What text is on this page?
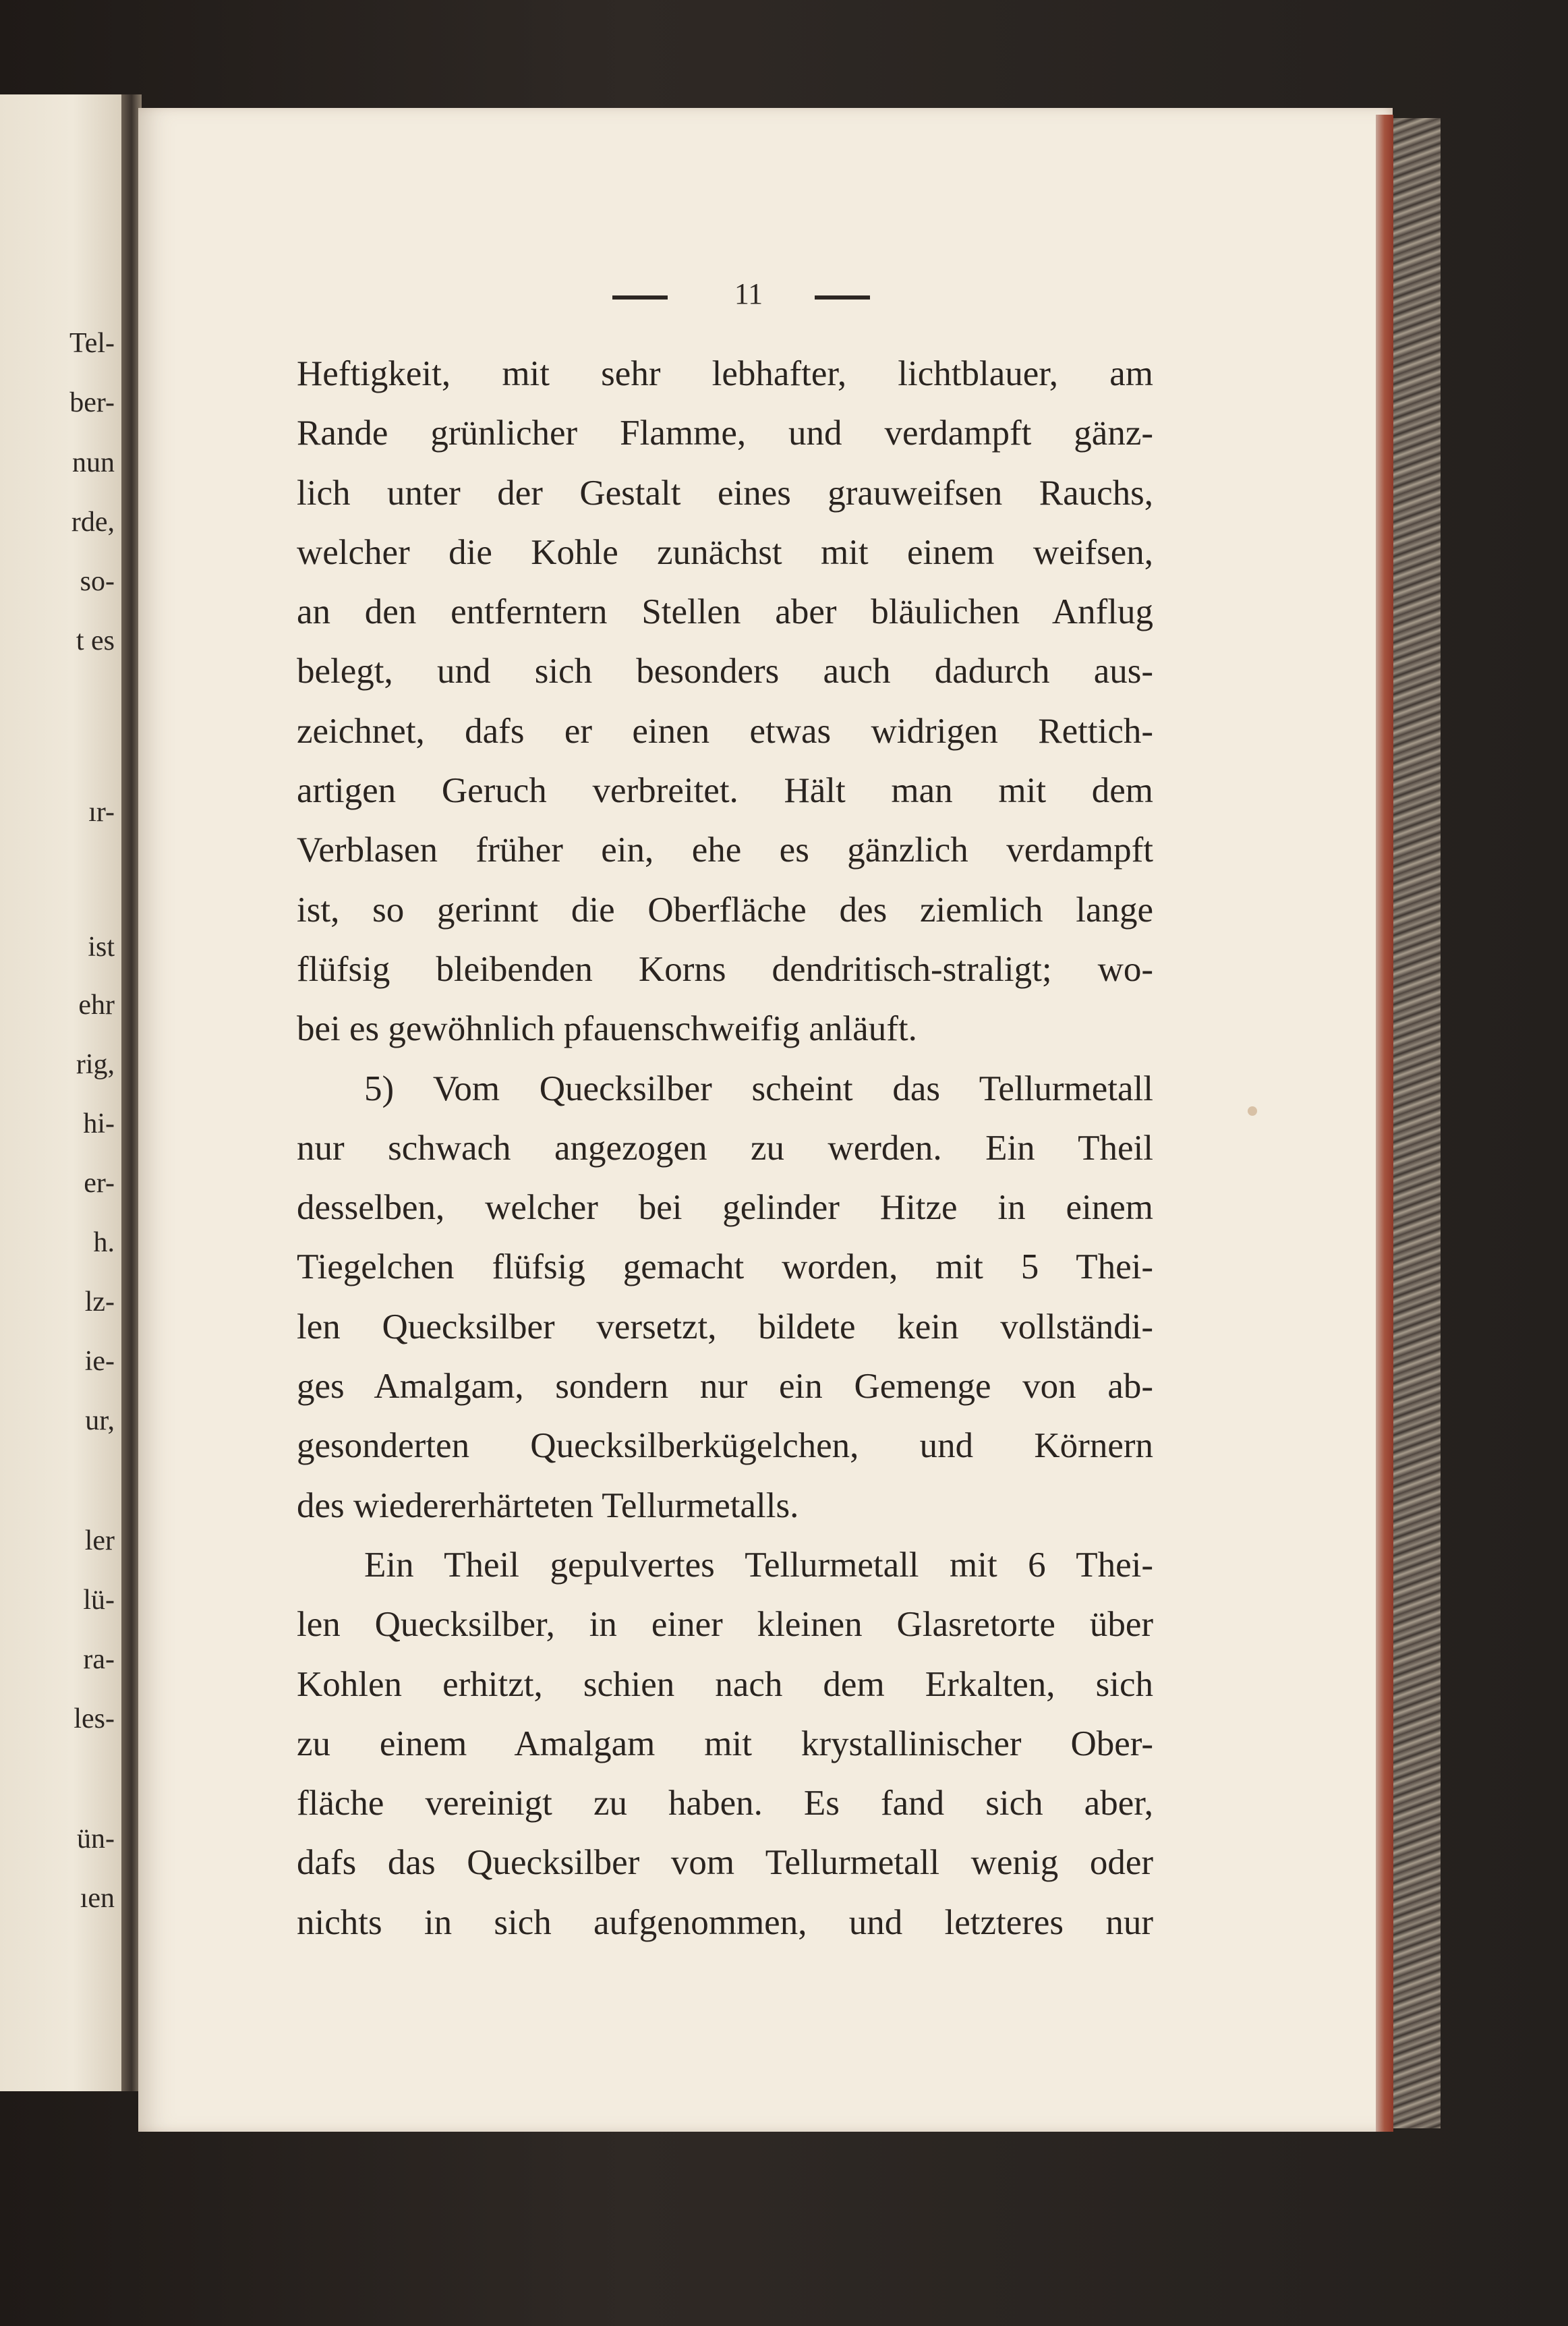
Tel-
ber-
nun
rde,
so-
t es
ır-
ist
ehr
rig,
hi-
er-
h.
lz-
ie-
ur,
ler
lü-
ra-
les-
ün-
ıen
11
Heftigkeit, mit sehr lebhafter, lichtblauer, am
Rande grünlicher Flamme, und verdampft gänz-
lich unter der Gestalt eines grauweifsen Rauchs,
welcher die Kohle zunächst mit einem weifsen,
an den entferntern Stellen aber bläulichen Anflug
belegt, und sich besonders auch dadurch aus-
zeichnet, dafs er einen etwas widrigen Rettich-
artigen Geruch verbreitet. Hält man mit dem
Verblasen früher ein, ehe es gänzlich verdampft
ist, so gerinnt die Oberfläche des ziemlich lange
flüfsig bleibenden Korns dendritisch-straligt; wo-
bei es gewöhnlich pfauenschweifig anläuft.
5) Vom Quecksilber scheint das Tellurmetall
nur schwach angezogen zu werden. Ein Theil
desselben, welcher bei gelinder Hitze in einem
Tiegelchen flüfsig gemacht worden, mit 5 Thei-
len Quecksilber versetzt, bildete kein vollständi-
ges Amalgam, sondern nur ein Gemenge von ab-
gesonderten Quecksilberkügelchen, und Körnern
des wiedererhärteten Tellurmetalls.
Ein Theil gepulvertes Tellurmetall mit 6 Thei-
len Quecksilber, in einer kleinen Glasretorte über
Kohlen erhitzt, schien nach dem Erkalten, sich
zu einem Amalgam mit krystallinischer Ober-
fläche vereinigt zu haben. Es fand sich aber,
dafs das Quecksilber vom Tellurmetall wenig oder
nichts in sich aufgenommen, und letzteres nur
